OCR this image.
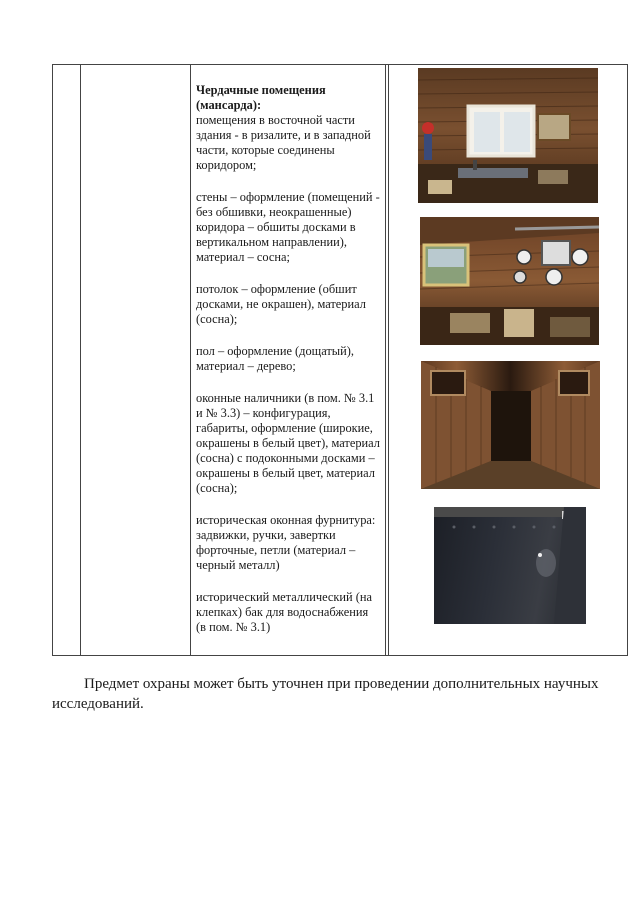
Чердачные помещения (мансарда):

помещения в восточной части здания - в ризалите, и в западной части, которые соединены коридором;

стены – оформление (помещений - без обшивки, неокрашенные) коридора – обшиты досками в вертикальном направлении), материал – сосна;

потолок – оформление (обшит досками, не окрашен), материал (сосна);

пол – оформление (дощатый), материал – дерево;

оконные наличники (в пом. № 3.1 и № 3.3) – конфигурация, габариты, оформление (широкие, окрашены в белый цвет), материал (сосна) с подоконными досками – окрашены в белый цвет, материал (сосна);

историческая оконная фурнитура: задвижки, ручки, завертки форточные, петли (материал – черный металл)

исторический металлический (на клепках) бак для водоснабжения (в пом. № 3.1)

Предмет охраны может быть уточнен при проведении дополнительных научных исследований.
